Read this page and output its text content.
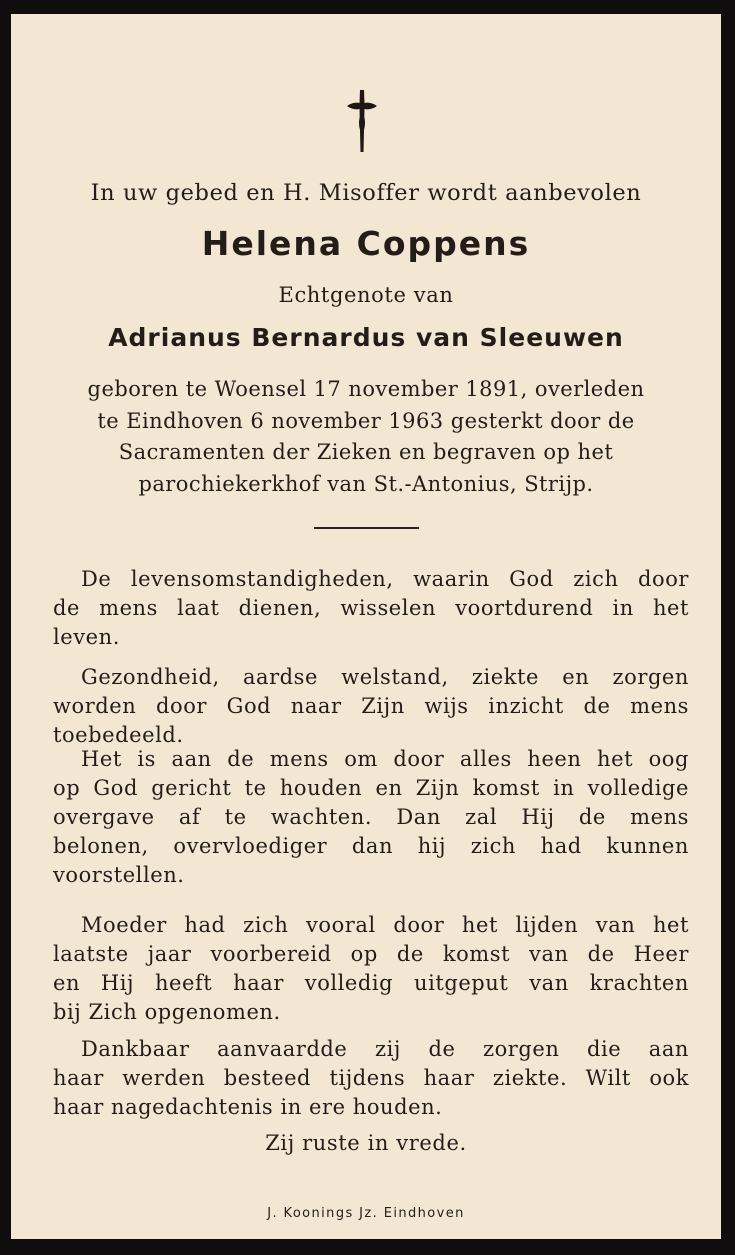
In uw gebed en H. Misoffer wordt aanbevolen
Helena Coppens
Echtgenote van
Adrianus Bernardus van Sleeuwen
geboren te Woensel 17 november 1891, overleden
te Eindhoven 6 november 1963 gesterkt door de
Sacramenten der Zieken en begraven op het
parochiekerkhof van St.-Antonius, Strijp.
De levensomstandigheden, waarin God zich door
de mens laat dienen, wisselen voortdurend in het
leven.
Gezondheid, aardse welstand, ziekte en zorgen
worden door God naar Zijn wijs inzicht de mens
toebedeeld.
Het is aan de mens om door alles heen het oog
op God gericht te houden en Zijn komst in volledige
overgave af te wachten. Dan zal Hij de mens
belonen, overvloediger dan hij zich had kunnen
voorstellen.
Moeder had zich vooral door het lijden van het
laatste jaar voorbereid op de komst van de Heer
en Hij heeft haar volledig uitgeput van krachten
bij Zich opgenomen.
Dankbaar aanvaardde zij de zorgen die aan
haar werden besteed tijdens haar ziekte. Wilt ook
haar nagedachtenis in ere houden.
Zij ruste in vrede.
J. Koonings Jz. Eindhoven
